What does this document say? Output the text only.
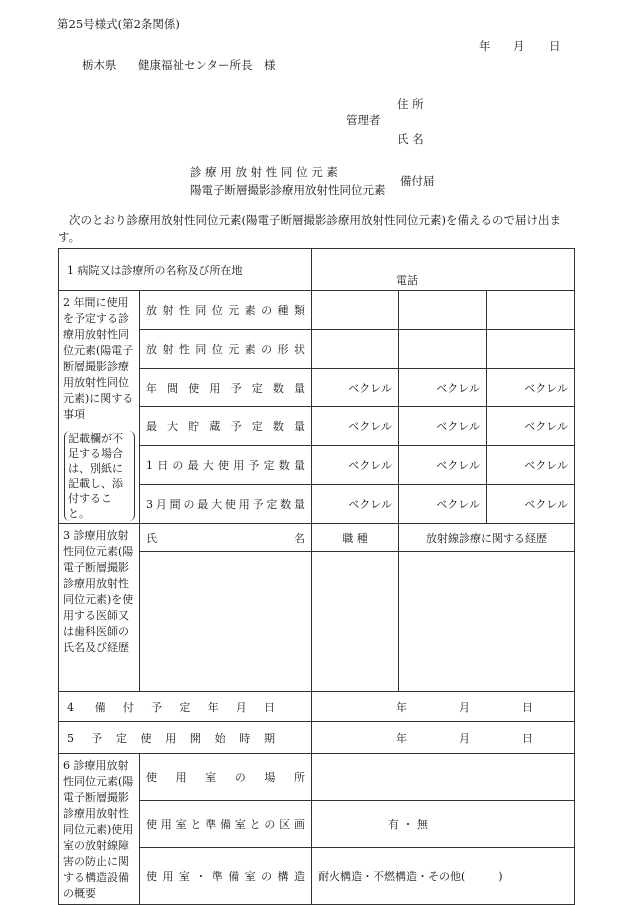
第25号様式(第2条関係)
年 月 日
栃木県 健康福祉センター所長 様
住 所
管理者
氏 名
診 療 用 放 射 性 同 位 元 素
陽電子断層撮影診療用放射性同位元素
備付届
次のとおり診療用放射性同位元素(陽電子断層撮影診療用放射性同位元素)を備えるので届け出ます。
1 病院又は診療所の名称及び所在地		電話		

2 年間に使用を予定する診療用放射性同位元素(陽電子断層撮影診療用放射性同位元素)に関する事項
記載欄が不足する場合は、別紙に記載し、添付すること。	放射性同位元素の種類			
	放射性同位元素の形状			
	年間使用予定数量	ベクレル	ベクレル	ベクレル
	最大貯蔵予定数量	ベクレル	ベクレル	ベクレル
	1日の最大使用予定数量	ベクレル	ベクレル	ベクレル
	3月間の最大使用予定数量	ベクレル	ベクレル	ベクレル
3 診療用放射性同位元素(陽電子断層撮影診療用放射性同位元素)を使用する医師又は歯科医師の氏名及び経歴	氏 名	職 種	放射線診療に関する経歴	

4 備付予定年月日		年 月 日		
5 予定使用開始時期		年 月 日		
6 診療用放射性同位元素(陽電子断層撮影診療用放射性同位元素)使用室の放射線障害の防止に関する構造設備の概要	使用室の場所			
	使用室と準備室との区画	有 ・ 無		
	使用室・準備室の構造	耐火構造・不燃構造・その他(　　　)		
